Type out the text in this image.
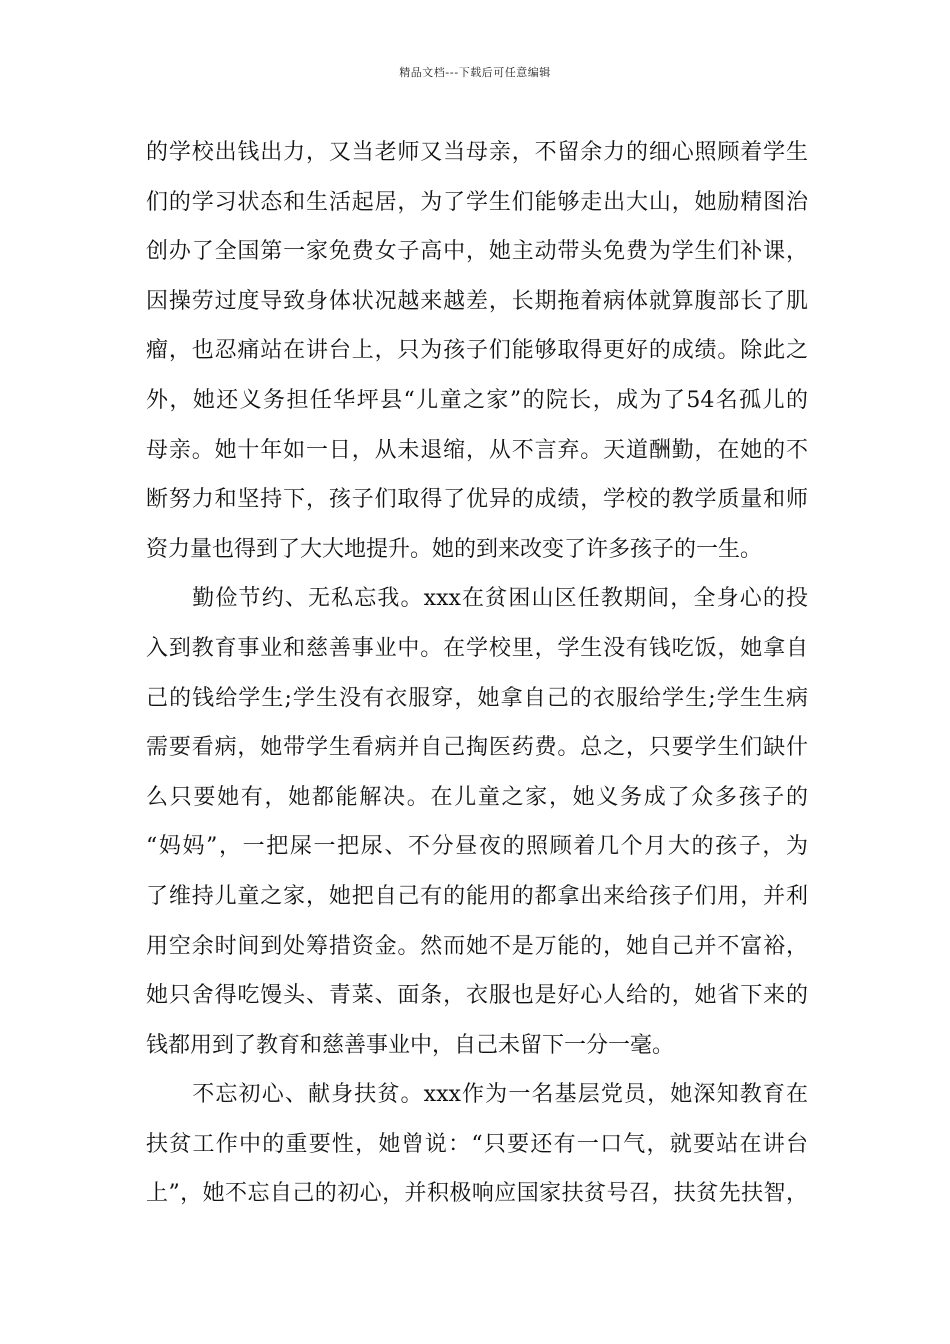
精品文档---下载后可任意编辑
的学校出钱出力，又当老师又当母亲，不留余力的细心照顾着学生
们的学习状态和生活起居，为了学生们能够走出大山，她励精图治
创办了全国第一家免费女子高中，她主动带头免费为学生们补课，
因操劳过度导致身体状况越来越差，长期拖着病体就算腹部长了肌
瘤，也忍痛站在讲台上，只为孩子们能够取得更好的成绩。除此之
外，她还义务担任华坪县“儿童之家”的院长，成为了54名孤儿的
母亲。她十年如一日，从未退缩，从不言弃。天道酬勤，在她的不
断努力和坚持下，孩子们取得了优异的成绩，学校的教学质量和师
资力量也得到了大大地提升。她的到来改变了许多孩子的一生。
　　勤俭节约、无私忘我。xxx在贫困山区任教期间，全身心的投
入到教育事业和慈善事业中。在学校里，学生没有钱吃饭，她拿自
己的钱给学生;学生没有衣服穿，她拿自己的衣服给学生;学生生病
需要看病，她带学生看病并自己掏医药费。总之，只要学生们缺什
么只要她有，她都能解决。在儿童之家，她义务成了众多孩子的
“妈妈”，一把屎一把尿、不分昼夜的照顾着几个月大的孩子，为
了维持儿童之家，她把自己有的能用的都拿出来给孩子们用，并利
用空余时间到处筹措资金。然而她不是万能的，她自己并不富裕，
她只舍得吃馒头、青菜、面条，衣服也是好心人给的，她省下来的
钱都用到了教育和慈善事业中，自己未留下一分一毫。
　　不忘初心、献身扶贫。xxx作为一名基层党员，她深知教育在
扶贫工作中的重要性，她曾说：“只要还有一口气，就要站在讲台
上”，她不忘自己的初心，并积极响应国家扶贫号召，扶贫先扶智，
